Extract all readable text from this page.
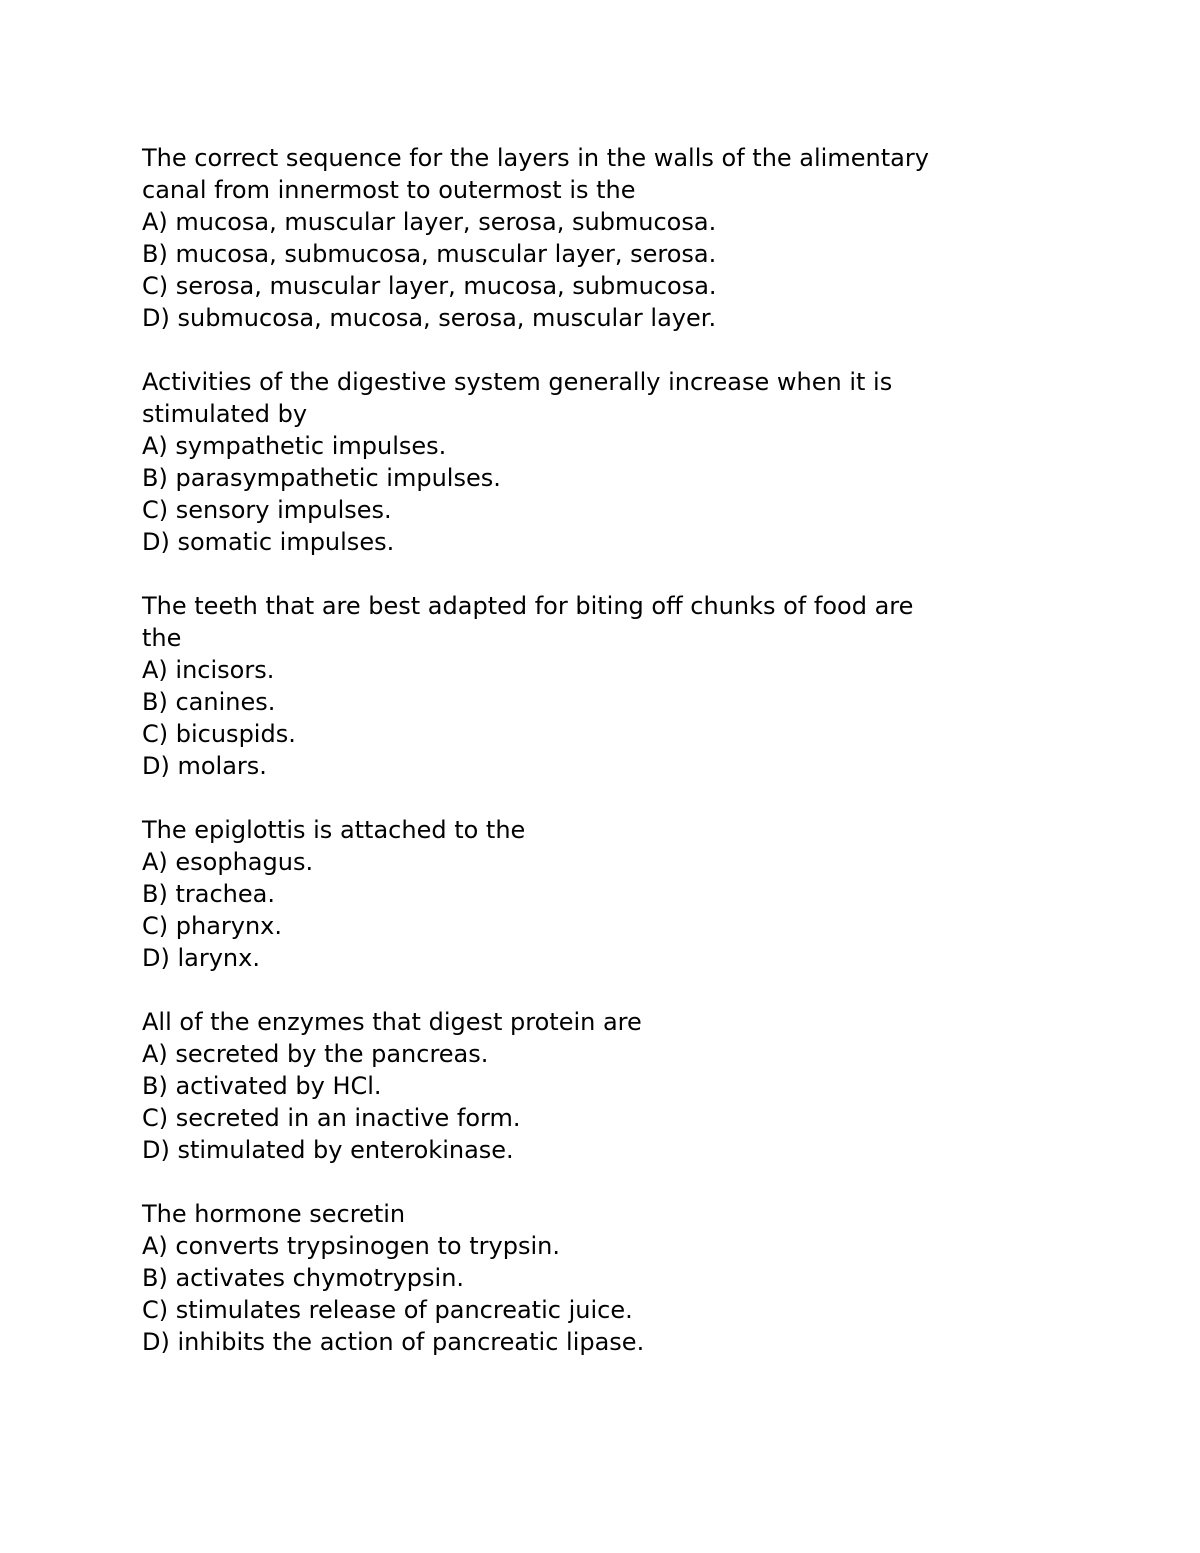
The correct sequence for the layers in the walls of the alimentary

canal from innermost to outermost is the

A) mucosa, muscular layer, serosa, submucosa.

B) mucosa, submucosa, muscular layer, serosa.

C) serosa, muscular layer, mucosa, submucosa.

D) submucosa, mucosa, serosa, muscular layer.

Activities of the digestive system generally increase when it is

stimulated by

A) sympathetic impulses.

B) parasympathetic impulses.

C) sensory impulses.

D) somatic impulses.

The teeth that are best adapted for biting off chunks of food are

the

A) incisors.

B) canines.

C) bicuspids.

D) molars.

The epiglottis is attached to the

A) esophagus.

B) trachea.

C) pharynx.

D) larynx.

All of the enzymes that digest protein are

A) secreted by the pancreas.

B) activated by HCl.

C) secreted in an inactive form.

D) stimulated by enterokinase.

The hormone secretin

A) converts trypsinogen to trypsin.

B) activates chymotrypsin.

C) stimulates release of pancreatic juice.

D) inhibits the action of pancreatic lipase.
